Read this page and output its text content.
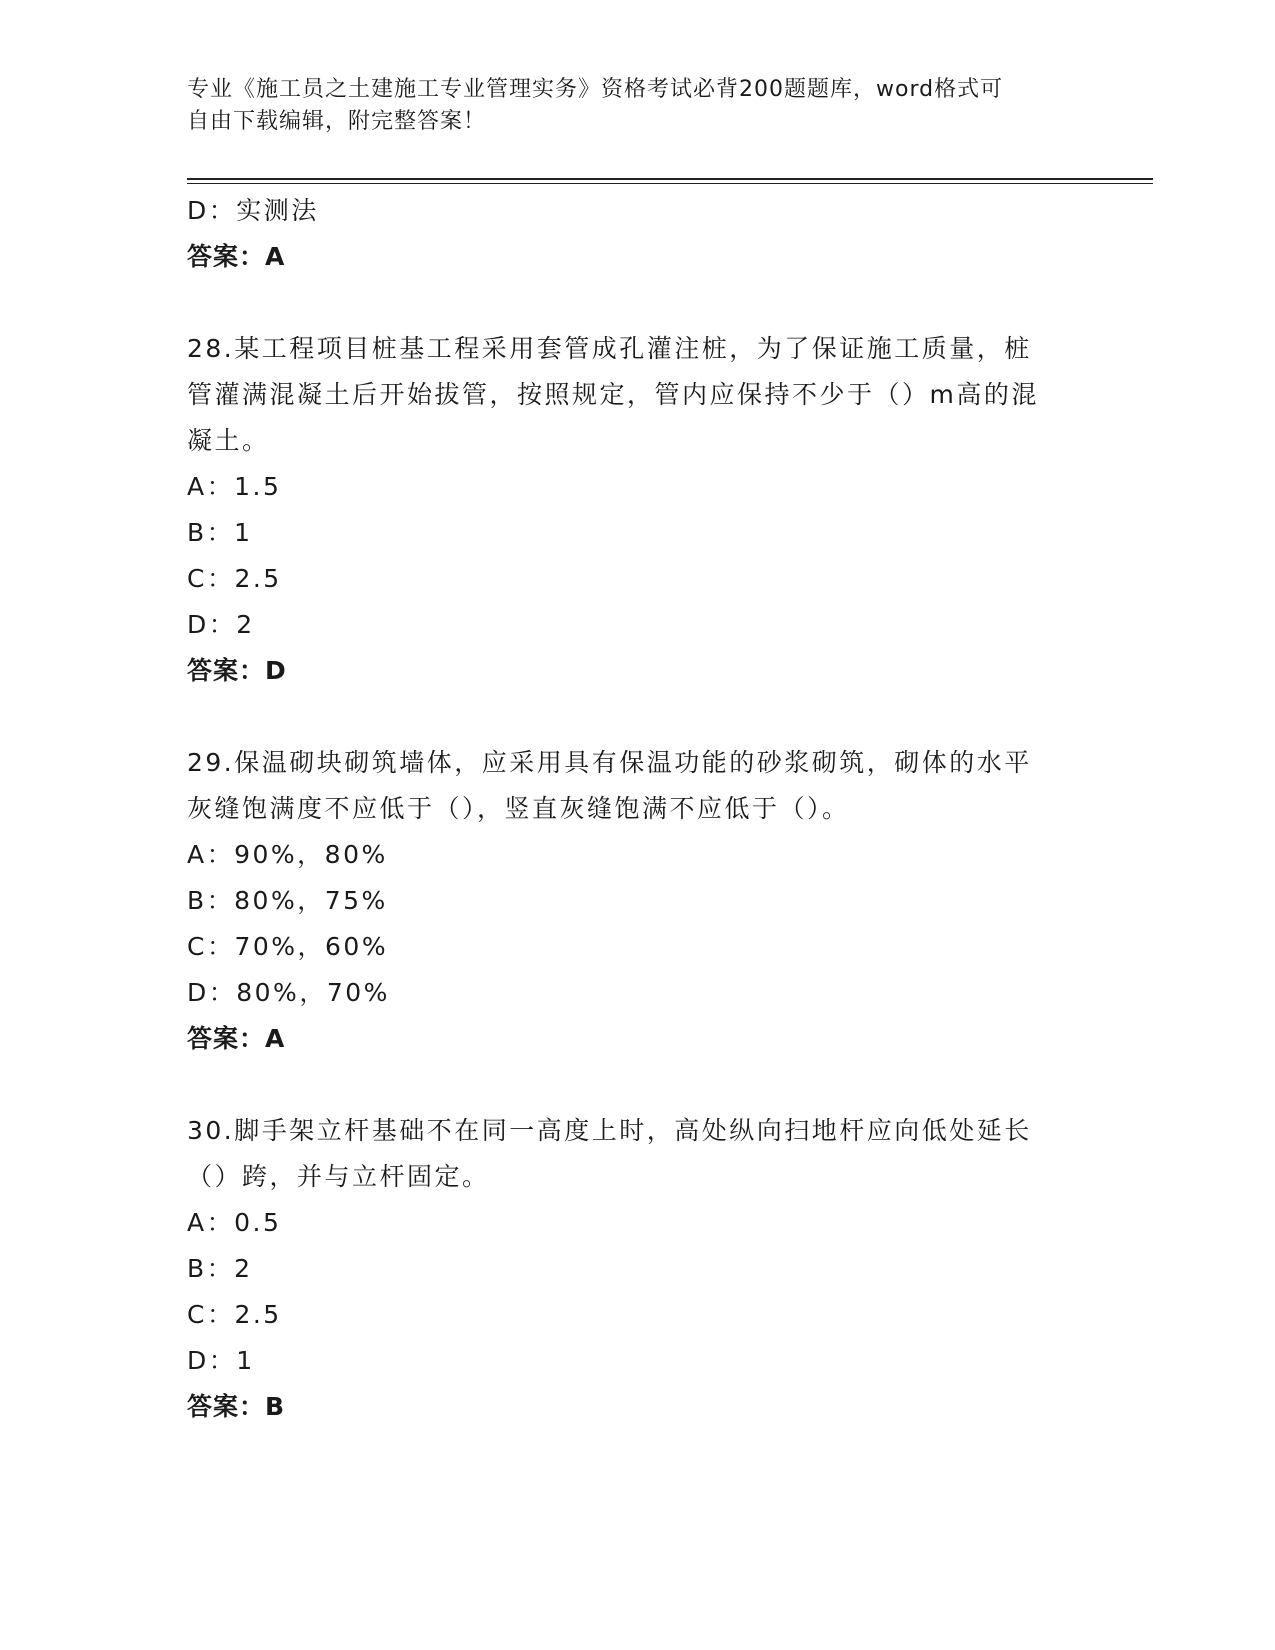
专业《施工员之土建施工专业管理实务》资格考试必背200题题库，word格式可
自由下载编辑，附完整答案！
D：实测法
答案：A
28.某工程项目桩基工程采用套管成孔灌注桩，为了保证施工质量，桩
管灌满混凝土后开始拔管，按照规定，管内应保持不少于（）m高的混
凝土。
A：1.5
B：1
C：2.5
D：2
答案：D
29.保温砌块砌筑墙体，应采用具有保温功能的砂浆砌筑，砌体的水平
灰缝饱满度不应低于（），竖直灰缝饱满不应低于（）。
A：90%，80%
B：80%，75%
C：70%，60%
D：80%，70%
答案：A
30.脚手架立杆基础不在同一高度上时，高处纵向扫地杆应向低处延长
（）跨，并与立杆固定。
A：0.5
B：2
C：2.5
D：1
答案：B
